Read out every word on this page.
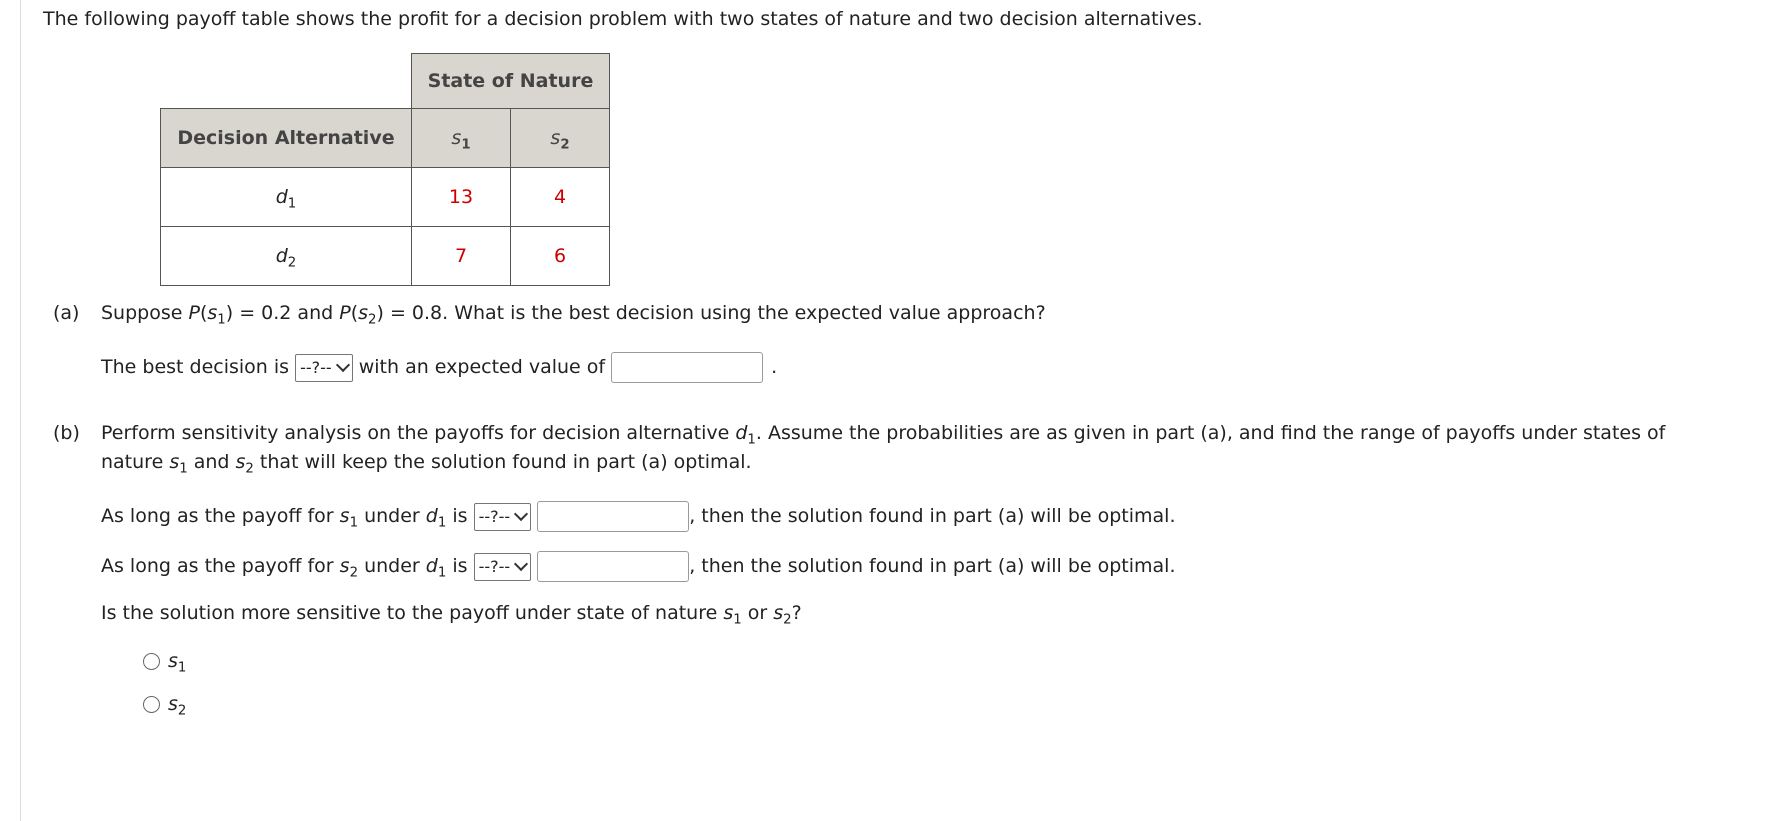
The following payoff table shows the profit for a decision problem with two states of nature and two decision alternatives.
	State of Nature	
Decision Alternative	$s_1$	$s_2$
$d_1$	13	4
$d_2$	7	6
(a) Suppose $P(s_1) = 0.2$ and $P(s_2) = 0.8$. What is the best decision using the expected value approach?
The best decision is --?-- with an expected value of	.
(b) Perform sensitivity analysis on the payoffs for decision alternative $d_1$. Assume the probabilities are as given in part (a), and find the range of payoffs under states of
nature $s_1$ and $s_2$ that will keep the solution found in part (a) optimal.
As long as the payoff for $s_1$ under $d_1$ is --?--	, then the solution found in part (a) will be optimal.
As long as the payoff for $s_2$ under $d_1$ is --?--	, then the solution found in part (a) will be optimal.
Is the solution more sensitive to the payoff under state of nature $s_1$ or $s_2$?
$s_1$
$s_2$
